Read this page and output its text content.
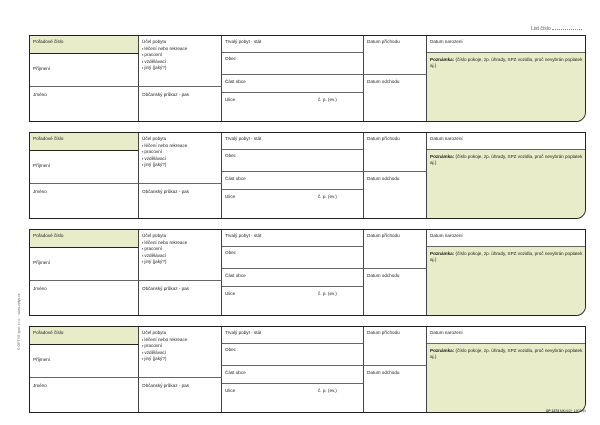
List číslo
Pořadové číslo
Příjmení
Jméno
Účel pobytu
▪ léčení nebo rekreace
▪ pracovní
▪ vzdělávací
▪ jiný (jaký?)
Občanský průkaz - pas
Trvalý pobyt - stát
Obec
Část obce
Ulice	č. p. (ev.)
Datum příchodu
Datum odchodu
Datum narození
Poznámka: (číslo pokoje, zp. úhrady, SPZ vozidla, proč nevybrán poplatek aj.)
Pořadové číslo
Příjmení
Jméno
Účel pobytu
▪ léčení nebo rekreace
▪ pracovní
▪ vzdělávací
▪ jiný (jaký?)
Občanský průkaz - pas
Trvalý pobyt - stát
Obec
Část obce
Ulice	č. p. (ev.)
Datum příchodu
Datum odchodu
Datum narození
Poznámka: (číslo pokoje, zp. úhrady, SPZ vozidla, proč nevybrán poplatek aj.)
Pořadové číslo
Příjmení
Jméno
Účel pobytu
▪ léčení nebo rekreace
▪ pracovní
▪ vzdělávací
▪ jiný (jaký?)
Občanský průkaz - pas
Trvalý pobyt - stát
Obec
Část obce
Ulice	č. p. (ev.)
Datum příchodu
Datum odchodu
Datum narození
Poznámka: (číslo pokoje, zp. úhrady, SPZ vozidla, proč nevybrán poplatek aj.)
Pořadové číslo
Příjmení
Jméno
Účel pobytu
▪ léčení nebo rekreace
▪ pracovní
▪ vzdělávací
▪ jiný (jaký?)
Občanský průkaz - pas
Trvalý pobyt - stát
Obec
Část obce
Ulice	č. p. (ev.)
Datum příchodu
Datum odchodu
Datum narození
Poznámka: (číslo pokoje, zp. úhrady, SPZ vozidla, proč nevybrán poplatek aj.)
© OPTYS spol. s r.o. · www.optys.cz
OP 1373 MK/4/2/· 1507/90
